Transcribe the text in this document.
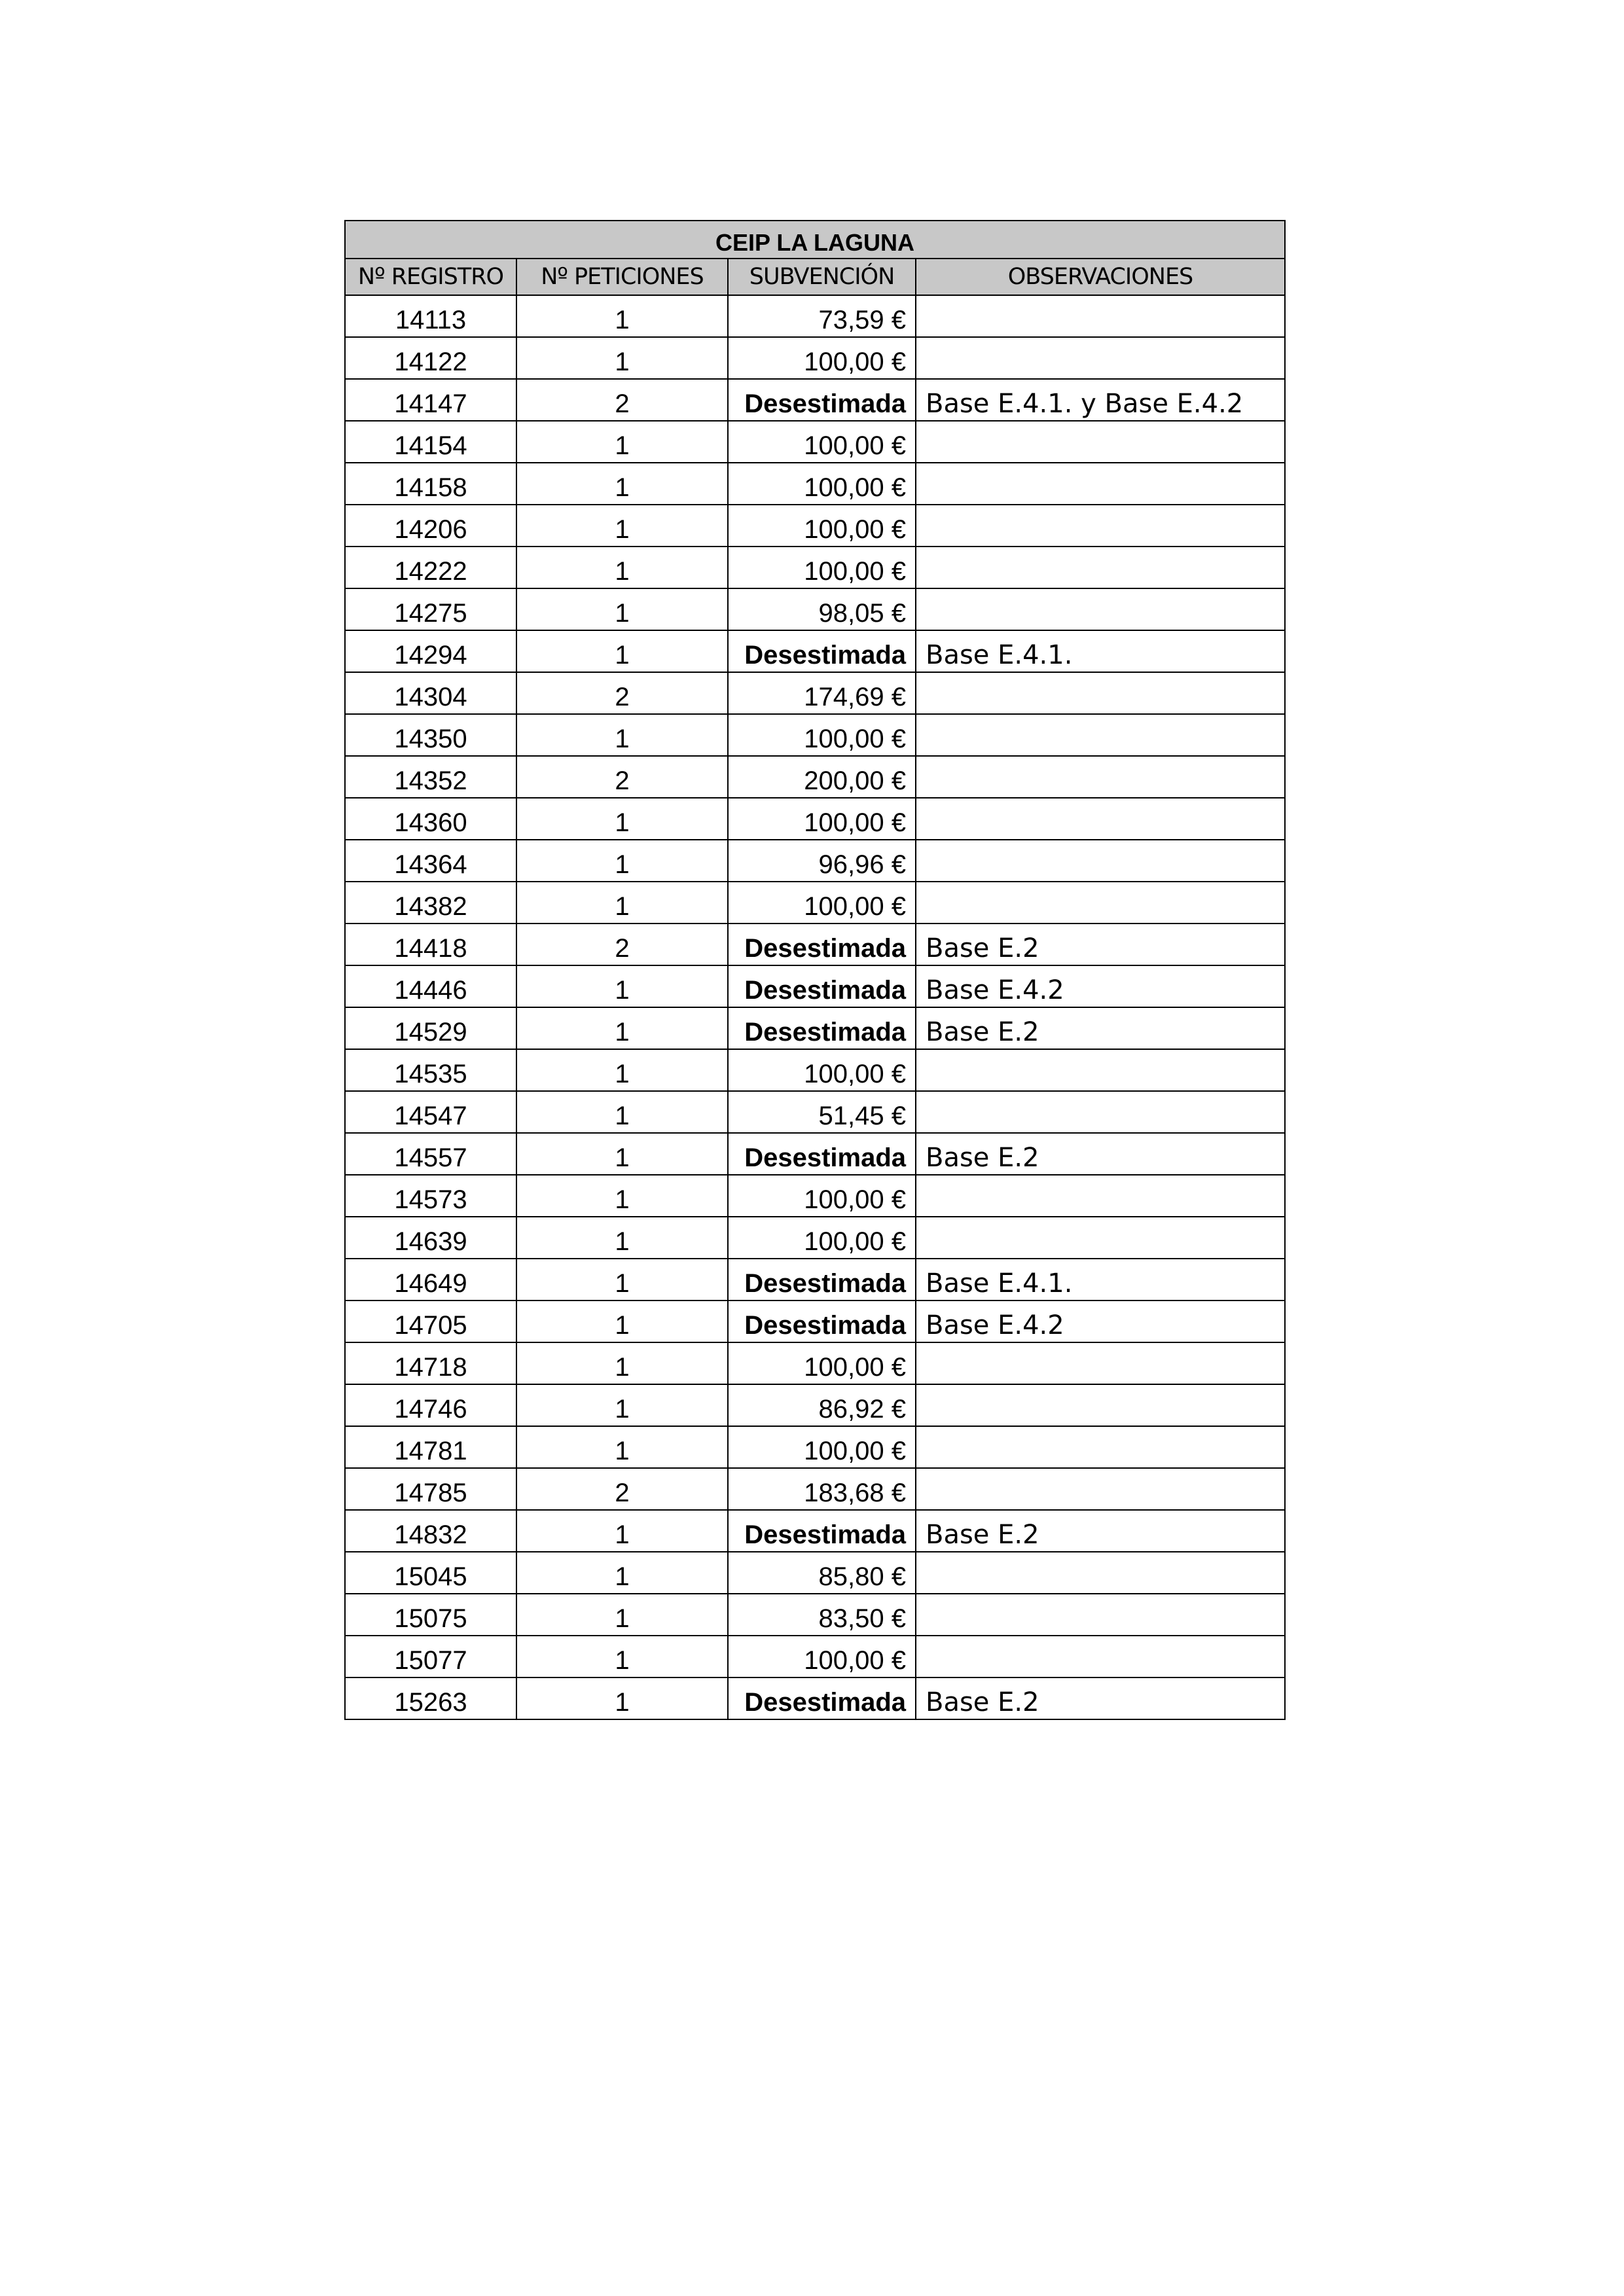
CEIP LA LAGUNA			
Nº REGISTRO	Nº PETICIONES	SUBVENCIÓN	OBSERVACIONES
14113	1	73,59 €	
14122	1	100,00 €	
14147	2	Desestimada	Base E.4.1. y Base E.4.2
14154	1	100,00 €	
14158	1	100,00 €	
14206	1	100,00 €	
14222	1	100,00 €	
14275	1	98,05 €	
14294	1	Desestimada	Base E.4.1.
14304	2	174,69 €	
14350	1	100,00 €	
14352	2	200,00 €	
14360	1	100,00 €	
14364	1	96,96 €	
14382	1	100,00 €	
14418	2	Desestimada	Base E.2
14446	1	Desestimada	Base E.4.2
14529	1	Desestimada	Base E.2
14535	1	100,00 €	
14547	1	51,45 €	
14557	1	Desestimada	Base E.2
14573	1	100,00 €	
14639	1	100,00 €	
14649	1	Desestimada	Base E.4.1.
14705	1	Desestimada	Base E.4.2
14718	1	100,00 €	
14746	1	86,92 €	
14781	1	100,00 €	
14785	2	183,68 €	
14832	1	Desestimada	Base E.2
15045	1	85,80 €	
15075	1	83,50 €	
15077	1	100,00 €	
15263	1	Desestimada	Base E.2
